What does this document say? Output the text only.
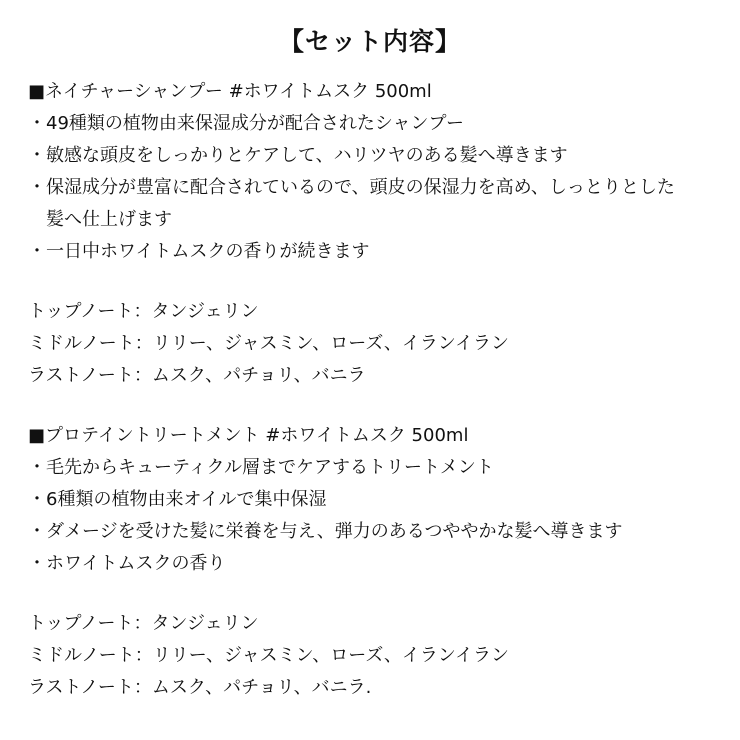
【セット内容】
■ネイチャーシャンプー #ホワイトムスク 500ml
・49種類の植物由来保湿成分が配合されたシャンプー
・敏感な頭皮をしっかりとケアして、ハリツヤのある髪へ導きます
・保湿成分が豊富に配合されているので、頭皮の保湿力を高め、しっとりとした
髪へ仕上げます
・一日中ホワイトムスクの香りが続きます
トップノート：タンジェリン
ミドルノート：リリー、ジャスミン、ローズ、イランイラン
ラストノート：ムスク、パチョリ、バニラ
■プロテイントリートメント #ホワイトムスク 500ml
・毛先からキューティクル層までケアするトリートメント
・6種類の植物由来オイルで集中保湿
・ダメージを受けた髪に栄養を与え、弾力のあるつややかな髪へ導きます
・ホワイトムスクの香り
トップノート：タンジェリン
ミドルノート：リリー、ジャスミン、ローズ、イランイラン
ラストノート：ムスク、パチョリ、バニラ.
